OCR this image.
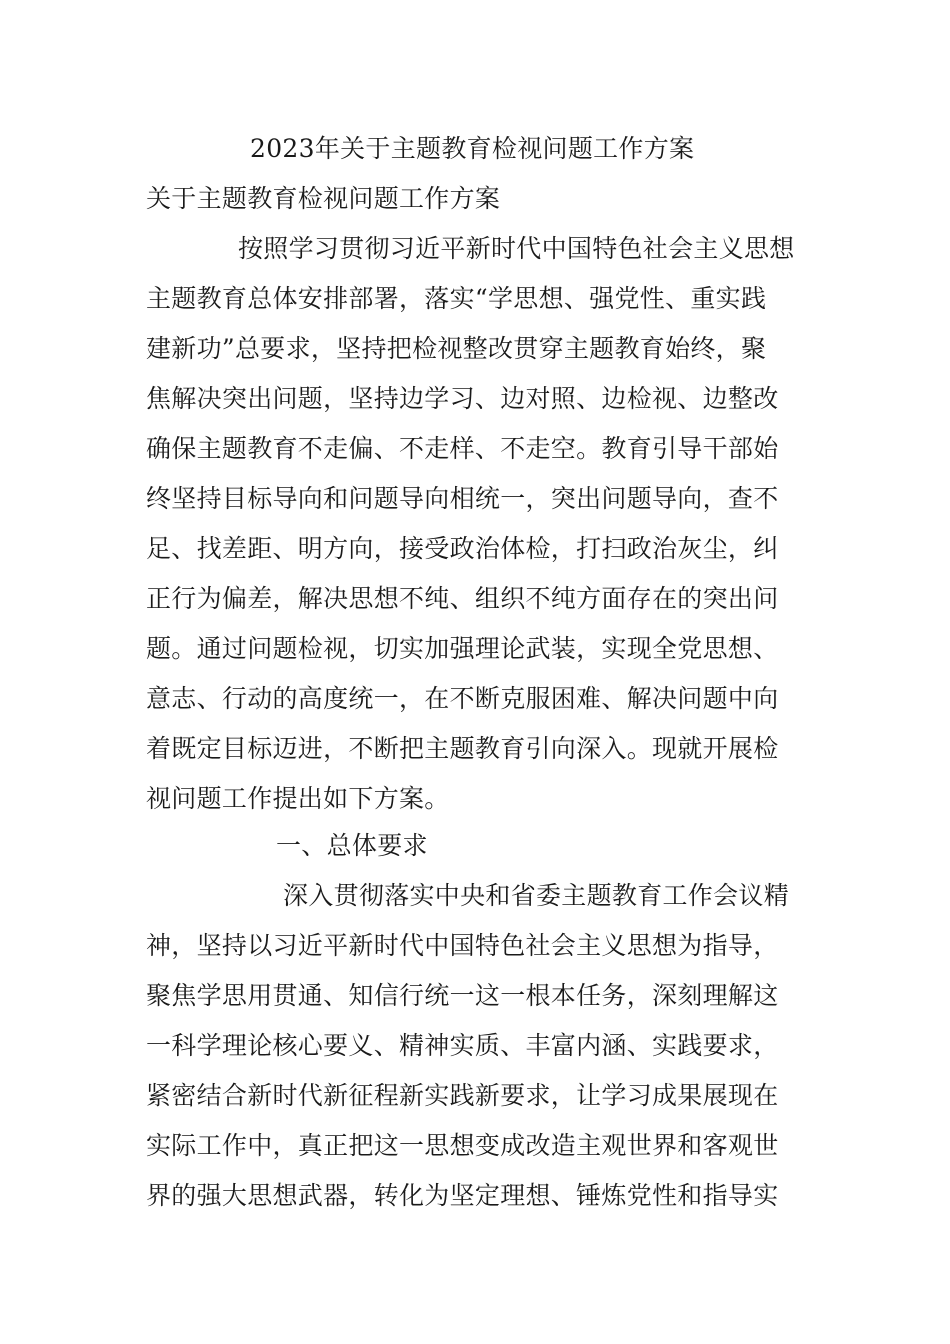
2023年关于主题教育检视问题工作方案
关于主题教育检视问题工作方案
按照学习贯彻习近平新时代中国特色社会主义思想
主题教育总体安排部署，落实“学思想、强党性、重实践
建新功”总要求，坚持把检视整改贯穿主题教育始终，聚
焦解决突出问题，坚持边学习、边对照、边检视、边整改
确保主题教育不走偏、不走样、不走空。教育引导干部始
终坚持目标导向和问题导向相统一，突出问题导向，查不
足、找差距、明方向，接受政治体检，打扫政治灰尘，纠
正行为偏差，解决思想不纯、组织不纯方面存在的突出问
题。通过问题检视，切实加强理论武装，实现全党思想、
意志、行动的高度统一，在不断克服困难、解决问题中向
着既定目标迈进，不断把主题教育引向深入。现就开展检
视问题工作提出如下方案。
一、总体要求
深入贯彻落实中央和省委主题教育工作会议精
神，坚持以习近平新时代中国特色社会主义思想为指导，
聚焦学思用贯通、知信行统一这一根本任务，深刻理解这
一科学理论核心要义、精神实质、丰富内涵、实践要求，
紧密结合新时代新征程新实践新要求，让学习成果展现在
实际工作中，真正把这一思想变成改造主观世界和客观世
界的强大思想武器，转化为坚定理想、锤炼党性和指导实
